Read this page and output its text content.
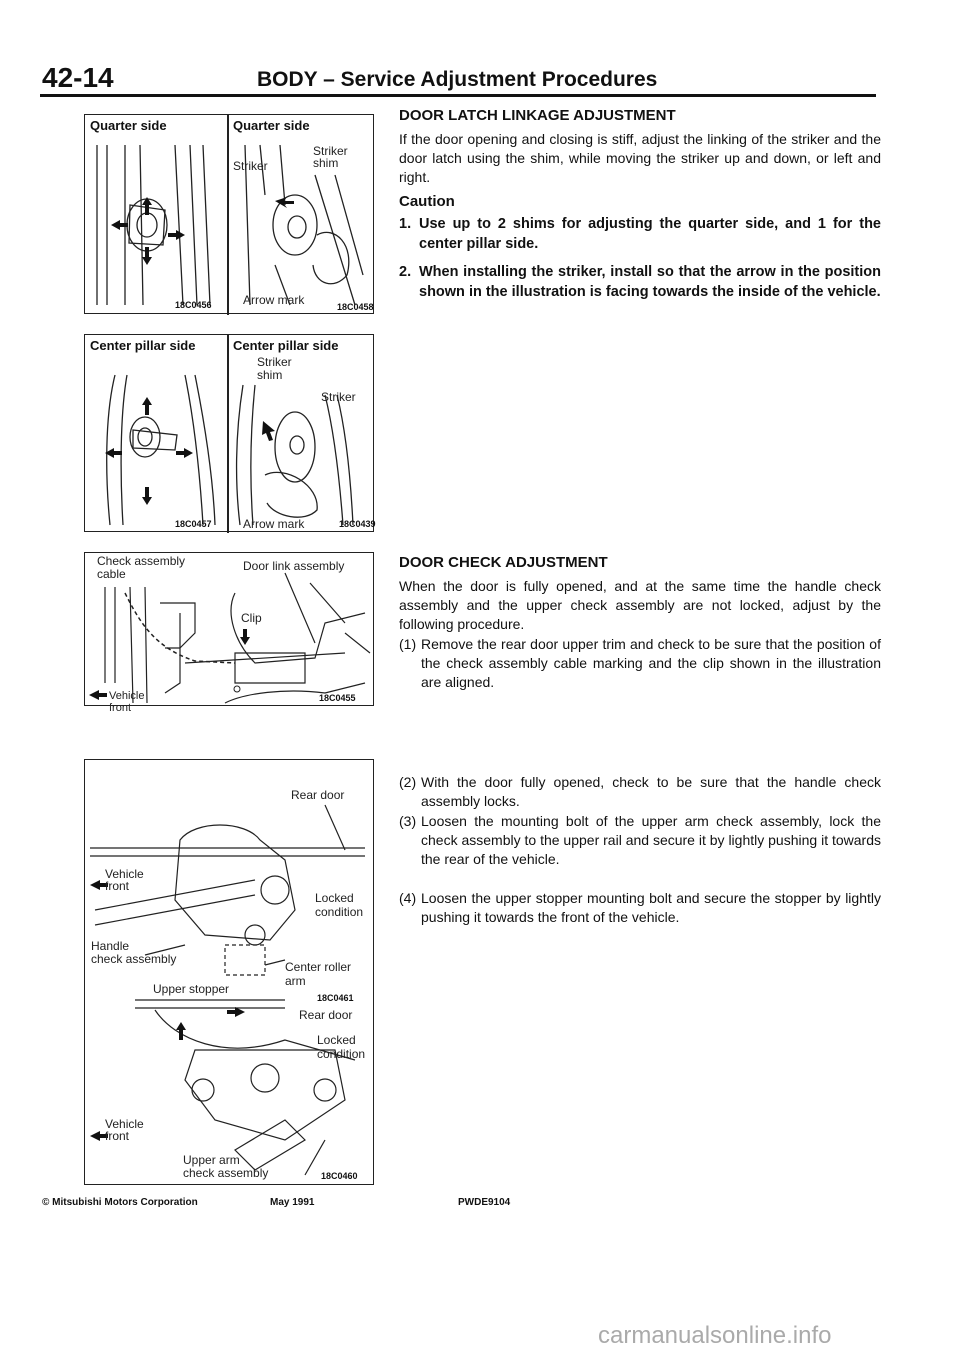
42-14	BODY – Service Adjustment Procedures
Quarter side	Quarter side
18C0456
Striker
Striker
shim
Arrow mark	18C0458
Center pillar side	Center pillar side
18C0457
Striker
shim
Striker
Arrow mark	18C0439
Check assembly
cable
Door link assembly
Clip
Vehicle
front
18C0455
Rear door
Vehicle
front
Locked
condition
Handle
check assembly
Center roller
arm
18C0461
Upper stopper
Rear door
Locked
condition
Vehicle
front
Upper arm
check assembly	18C0460
DOOR LATCH LINKAGE ADJUSTMENT
If the door opening and closing is stiff, adjust the linking of the striker and the door latch using the shim, while moving the striker up and down, or left and right.
Caution
1. Use up to 2 shims for adjusting the quarter side, and 1 for the center pillar side.
2. When installing the striker, install so that the arrow in the position shown in the illustration is facing towards the inside of the vehicle.
DOOR CHECK ADJUSTMENT
When the door is fully opened, and at the same time the handle check assembly and the upper check assembly are not locked, adjust by the following procedure.
(1) Remove the rear door upper trim and check to be sure that the position of the check assembly cable marking and the clip shown in the illustration are aligned.
(2) With the door fully opened, check to be sure that the handle check assembly locks.
(3) Loosen the mounting bolt of the upper arm check assembly, lock the check assembly to the upper rail and secure it by lightly pushing it towards the rear of the vehicle.
(4) Loosen the upper stopper mounting bolt and secure the stopper by lightly pushing it towards the front of the vehicle.
© Mitsubishi Motors Corporation	May 1991	PWDE9104
carmanualsonline.info
